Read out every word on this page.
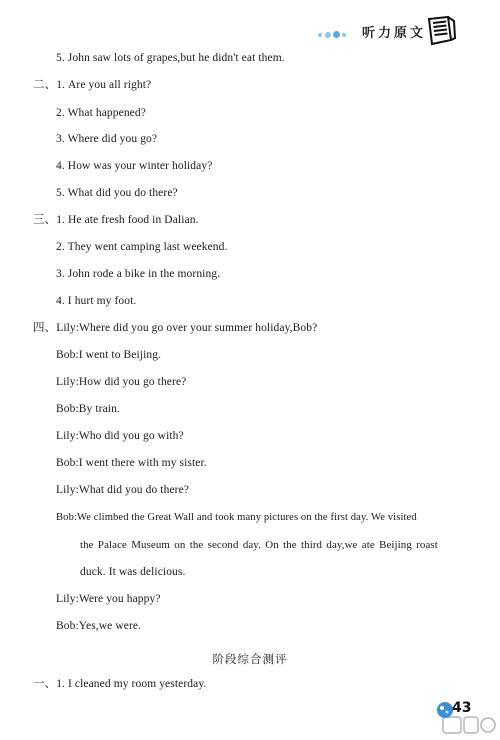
听力原文
5. John saw lots of grapes,but he didn't eat them.
二、1. Are you all right?
2. What happened?
3. Where did you go?
4. How was your winter holiday?
5. What did you do there?
三、1. He ate fresh food in Dalian.
2. They went camping last weekend.
3. John rode a bike in the morning.
4. I hurt my foot.
四、Lily:Where did you go over your summer holiday,Bob?
Bob:I went to Beijing.
Lily:How did you go there?
Bob:By train.
Lily:Who did you go with?
Bob:I went there with my sister.
Lily:What did you do there?
Bob:We climbed the Great Wall and took many pictures on the first day. We visited
the Palace Museum on the second day. On the third day,we ate Beijing roast
duck. It was delicious.
Lily:Were you happy?
Bob:Yes,we were.
阶段综合测评
一、1. I cleaned my room yesterday.
43
